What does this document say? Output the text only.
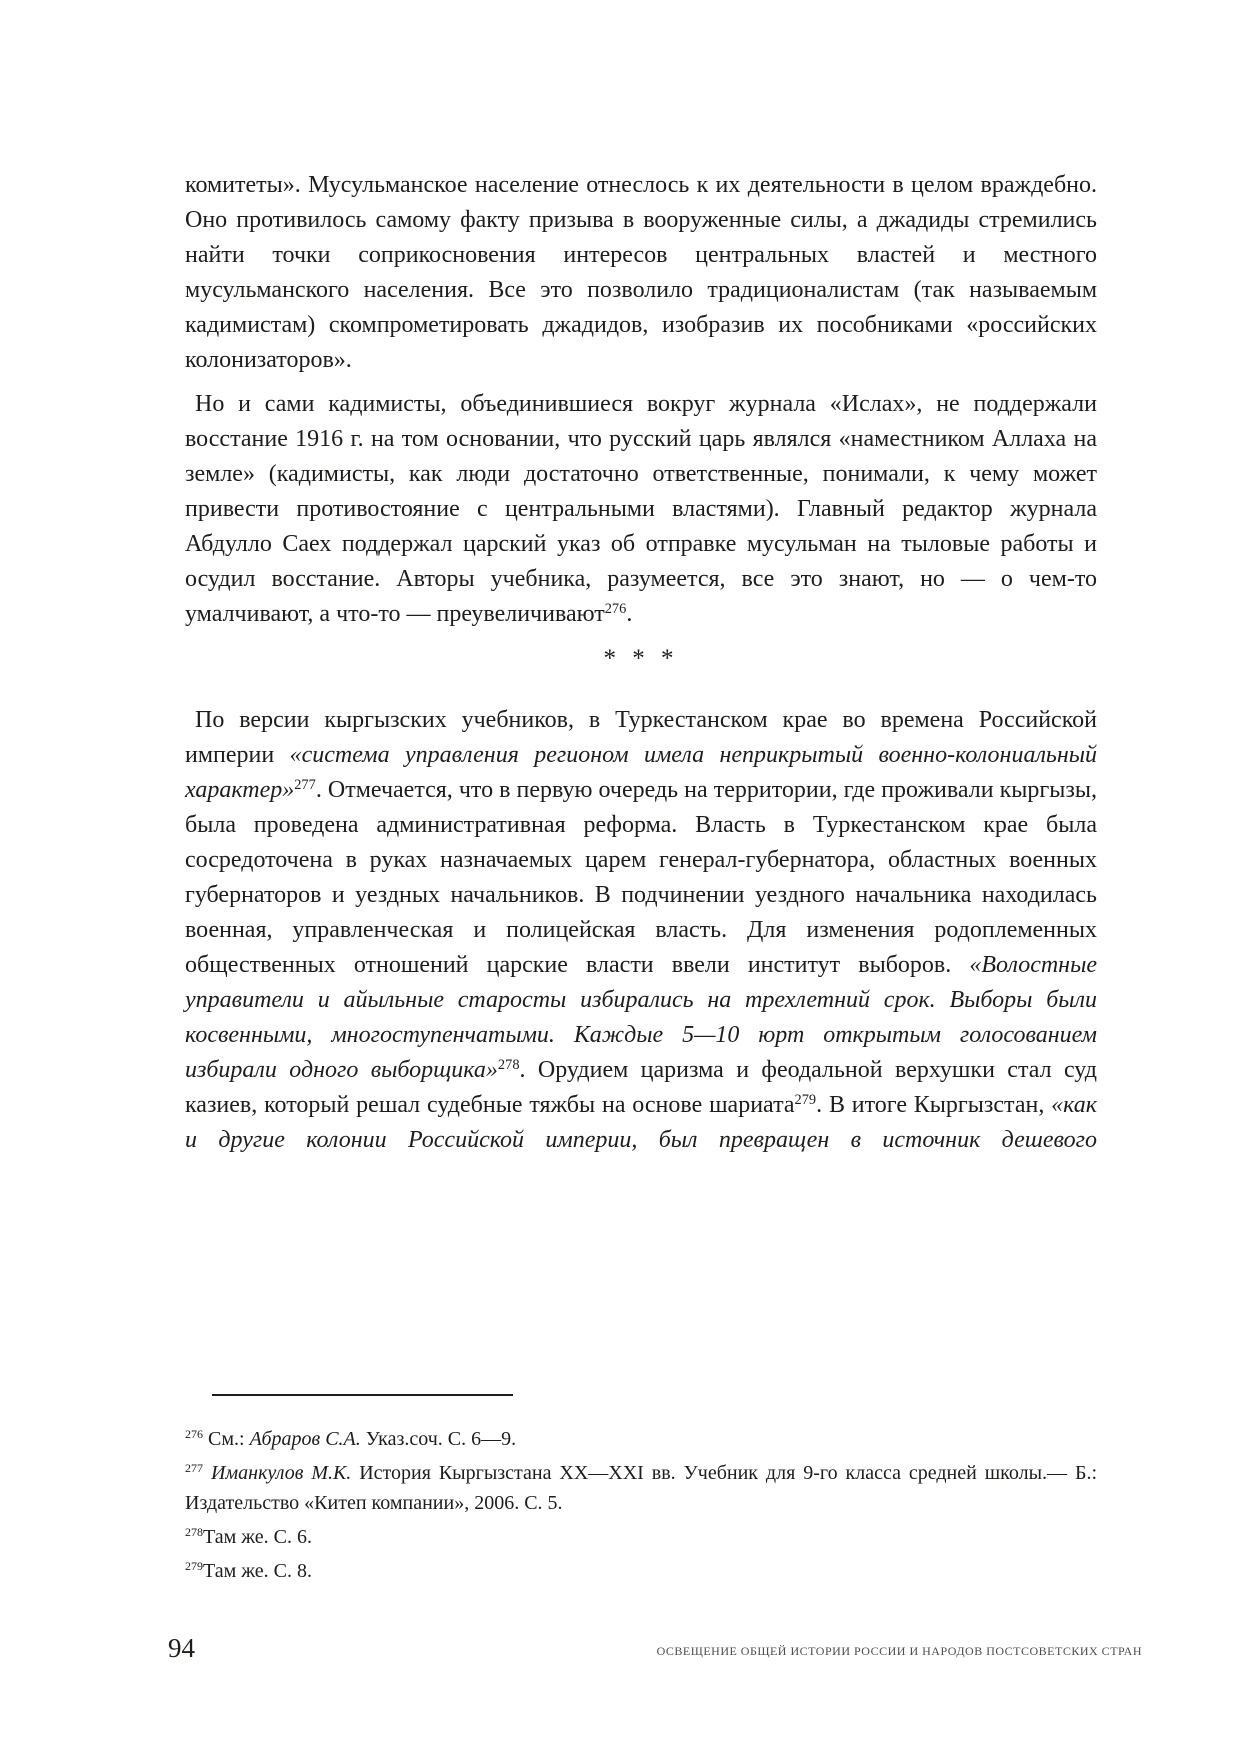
комитеты». Мусульманское население отнеслось к их деятельности в целом враждебно. Оно противилось самому факту призыва в вооруженные силы, а джадиды стремились найти точки соприкосновения интересов центральных властей и местного мусульманского населения. Все это позволило традиционалистам (так называемым кадимистам) скомпрометировать джадидов, изобразив их пособниками «российских колонизаторов».

Но и сами кадимисты, объединившиеся вокруг журнала «Ислах», не поддержали восстание 1916 г. на том основании, что русский царь являлся «наместником Аллаха на земле» (кадимисты, как люди достаточно ответственные, понимали, к чему может привести противостояние с центральными властями). Главный редактор журнала Абдулло Саех поддержал царский указ об отправке мусульман на тыловые работы и осудил восстание. Авторы учебника, разумеется, все это знают, но — о чем-то умалчивают, а что-то — преувеличивают$^{276}$.

* * *

По версии кыргызских учебников, в Туркестанском крае во времена Российской империи «система управления регионом имела неприкрытый военно-колониальный характер»$^{277}$. Отмечается, что в первую очередь на территории, где проживали кыргызы, была проведена административная реформа. Власть в Туркестанском крае была сосредоточена в руках назначаемых царем генерал-губернатора, областных военных губернаторов и уездных начальников. В подчинении уездного начальника находилась военная, управленческая и полицейская власть. Для изменения родоплеменных общественных отношений царские власти ввели институт выборов. «Волостные управители и айыльные старосты избирались на трехлетний срок. Выборы были косвенными, многоступенчатыми. Каждые 5—10 юрт открытым голосованием избирали одного выборщика»$^{278}$. Орудием царизма и феодальной верхушки стал суд казиев, который решал судебные тяжбы на основе шариата$^{279}$. В итоге Кыргызстан, «как и другие колонии Российской империи, был превращен в источник дешевого

$^{276}$ См.: Абраров С.А. Указ.соч. С. 6—9.

$^{277}$ Иманкулов М.К. История Кыргызстана XX—XXI вв. Учебник для 9-го класса средней школы.— Б.: Издательство «Китеп компании», 2006. С. 5.

$^{278}$Там же. С. 6.

$^{279}$Там же. С. 8.

94	ОСВЕЩЕНИЕ ОБЩЕЙ ИСТОРИИ РОССИИ И НАРОДОВ ПОСТСОВЕТСКИХ СТРАН
